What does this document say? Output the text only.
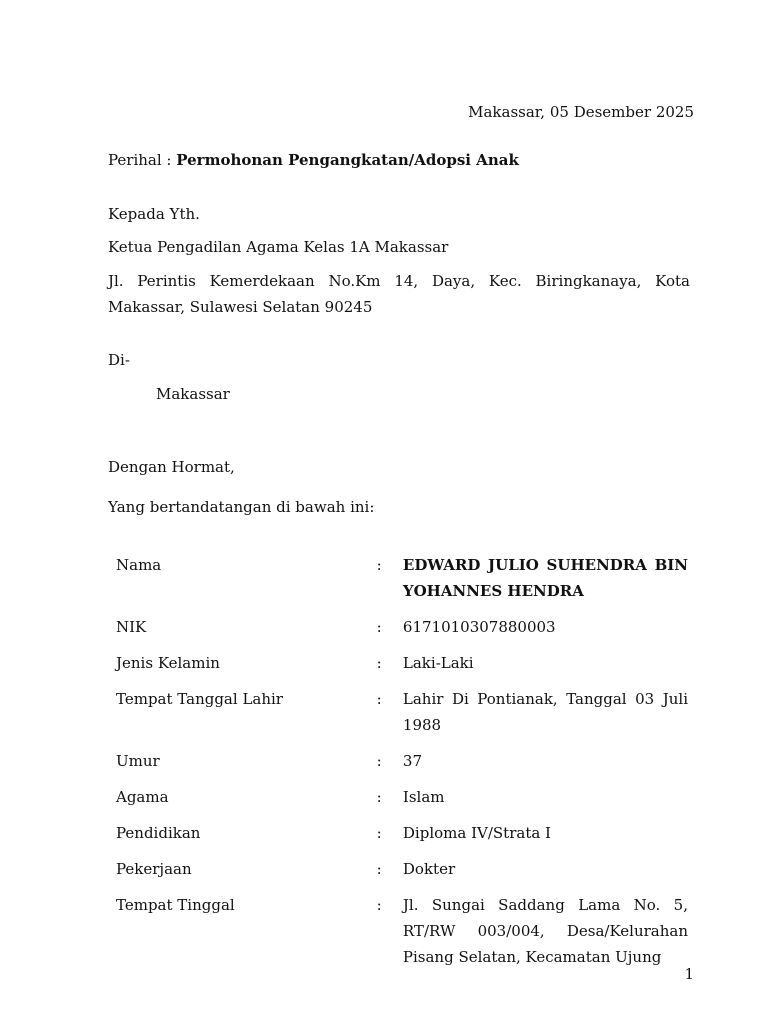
Makassar, 05 Desember 2025
Perihal : Permohonan Pengangkatan/Adopsi Anak
Kepada Yth.
Ketua Pengadilan Agama Kelas 1A Makassar
Jl. Perintis Kemerdekaan No.Km 14, Daya, Kec. Biringkanaya, Kota Makassar, Sulawesi Selatan 90245
Di-
Makassar
Dengan Hormat,
Yang bertandatangan di bawah ini:
Nama	:	EDWARD JULIO SUHENDRA BIN YOHANNES HENDRA
NIK	:	6171010307880003
Jenis Kelamin	:	Laki-Laki
Tempat Tanggal Lahir	:	Lahir Di Pontianak, Tanggal 03 Juli 1988
Umur	:	37
Agama	:	Islam
Pendidikan	:	Diploma IV/Strata I
Pekerjaan	:	Dokter
Tempat Tinggal	:	Jl. Sungai Saddang Lama No. 5, RT/RW 003/004, Desa/Kelurahan Pisang Selatan, Kecamatan Ujung
1
